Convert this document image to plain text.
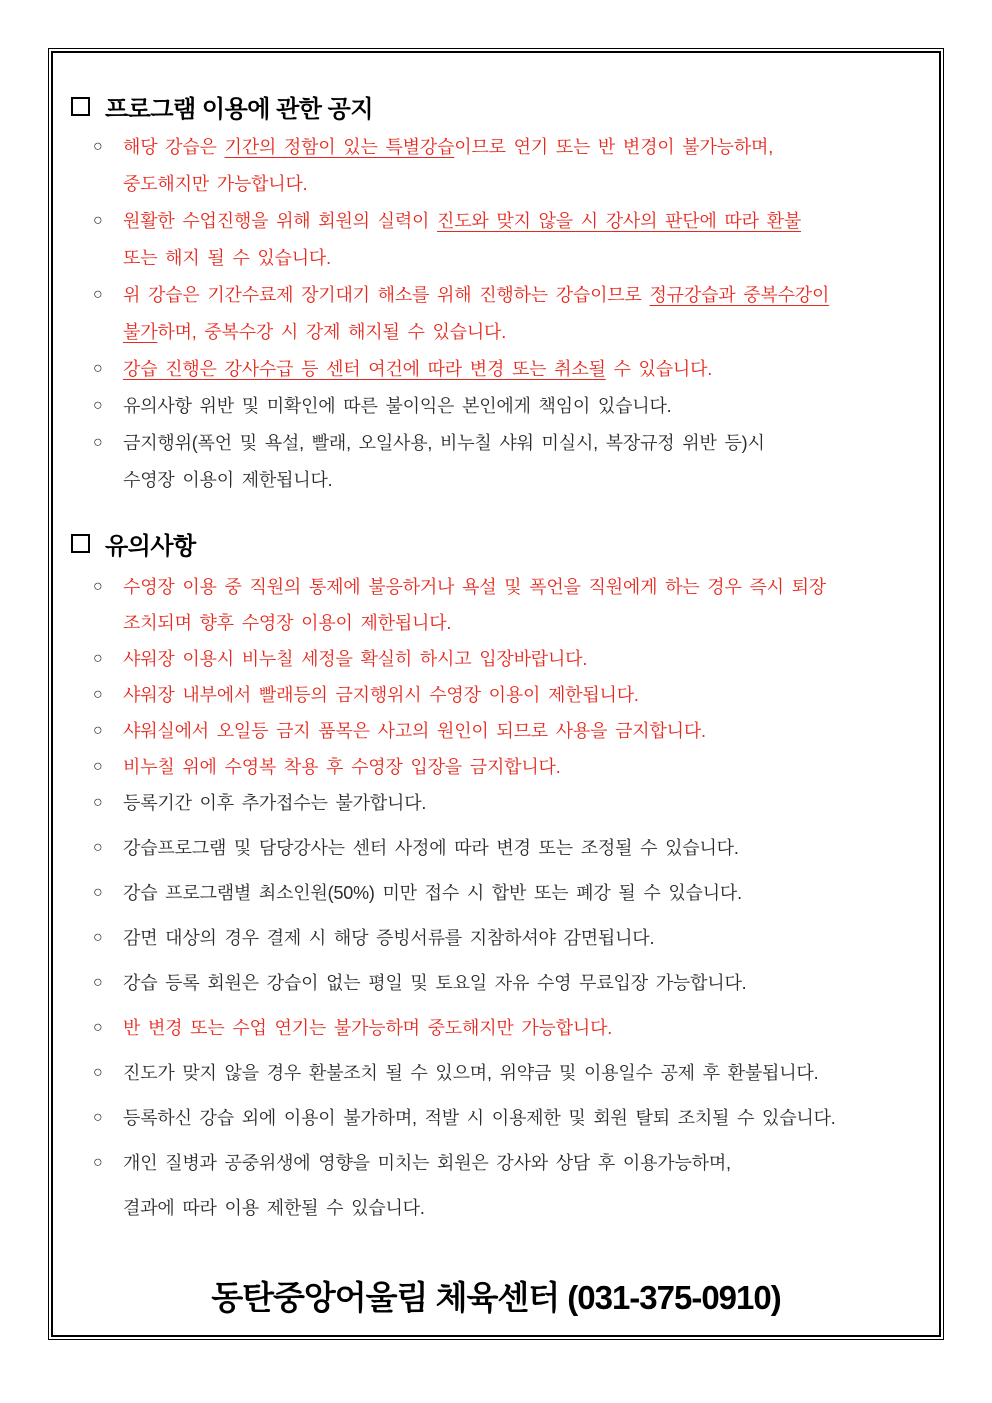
프로그램 이용에 관한 공지
○	해당 강습은 기간의 정함이 있는 특별강습이므로 연기 또는 반 변경이 불가능하며,
중도해지만 가능합니다.
○	원활한 수업진행을 위해 회원의 실력이 진도와 맞지 않을 시 강사의 판단에 따라 환불
또는 해지 될 수 있습니다.
○	위 강습은 기간수료제 장기대기 해소를 위해 진행하는 강습이므로 정규강습과 중복수강이
불가하며, 중복수강 시 강제 해지될 수 있습니다.
○	강습 진행은 강사수급 등 센터 여건에 따라 변경 또는 취소될 수 있습니다.
○	유의사항 위반 및 미확인에 따른 불이익은 본인에게 책임이 있습니다.
○	금지행위(폭언 및 욕설, 빨래, 오일사용, 비누칠 샤워 미실시, 복장규정 위반 등)시
수영장 이용이 제한됩니다.
유의사항
○	수영장 이용 중 직원의 통제에 불응하거나 욕설 및 폭언을 직원에게 하는 경우 즉시 퇴장
조치되며 향후 수영장 이용이 제한됩니다.
○	샤워장 이용시 비누칠 세정을 확실히 하시고 입장바랍니다.
○	샤워장 내부에서 빨래등의 금지행위시 수영장 이용이 제한됩니다.
○	샤워실에서 오일등 금지 품목은 사고의 원인이 되므로 사용을 금지합니다.
○	비누칠 위에 수영복 착용 후 수영장 입장을 금지합니다.
○	등록기간 이후 추가접수는 불가합니다.
○	강습프로그램 및 담당강사는 센터 사정에 따라 변경 또는 조정될 수 있습니다.
○	강습 프로그램별 최소인원(50%) 미만 접수 시 합반 또는 폐강 될 수 있습니다.
○	감면 대상의 경우 결제 시 해당 증빙서류를 지참하셔야 감면됩니다.
○	강습 등록 회원은 강습이 없는 평일 및 토요일 자유 수영 무료입장 가능합니다.
○	반 변경 또는 수업 연기는 불가능하며 중도해지만 가능합니다.
○	진도가 맞지 않을 경우 환불조치 될 수 있으며, 위약금 및 이용일수 공제 후 환불됩니다.
○	등록하신 강습 외에 이용이 불가하며, 적발 시 이용제한 및 회원 탈퇴 조치될 수 있습니다.
○	개인 질병과 공중위생에 영향을 미치는 회원은 강사와 상담 후 이용가능하며,
결과에 따라 이용 제한될 수 있습니다.
동탄중앙어울림 체육센터 (031-375-0910)
